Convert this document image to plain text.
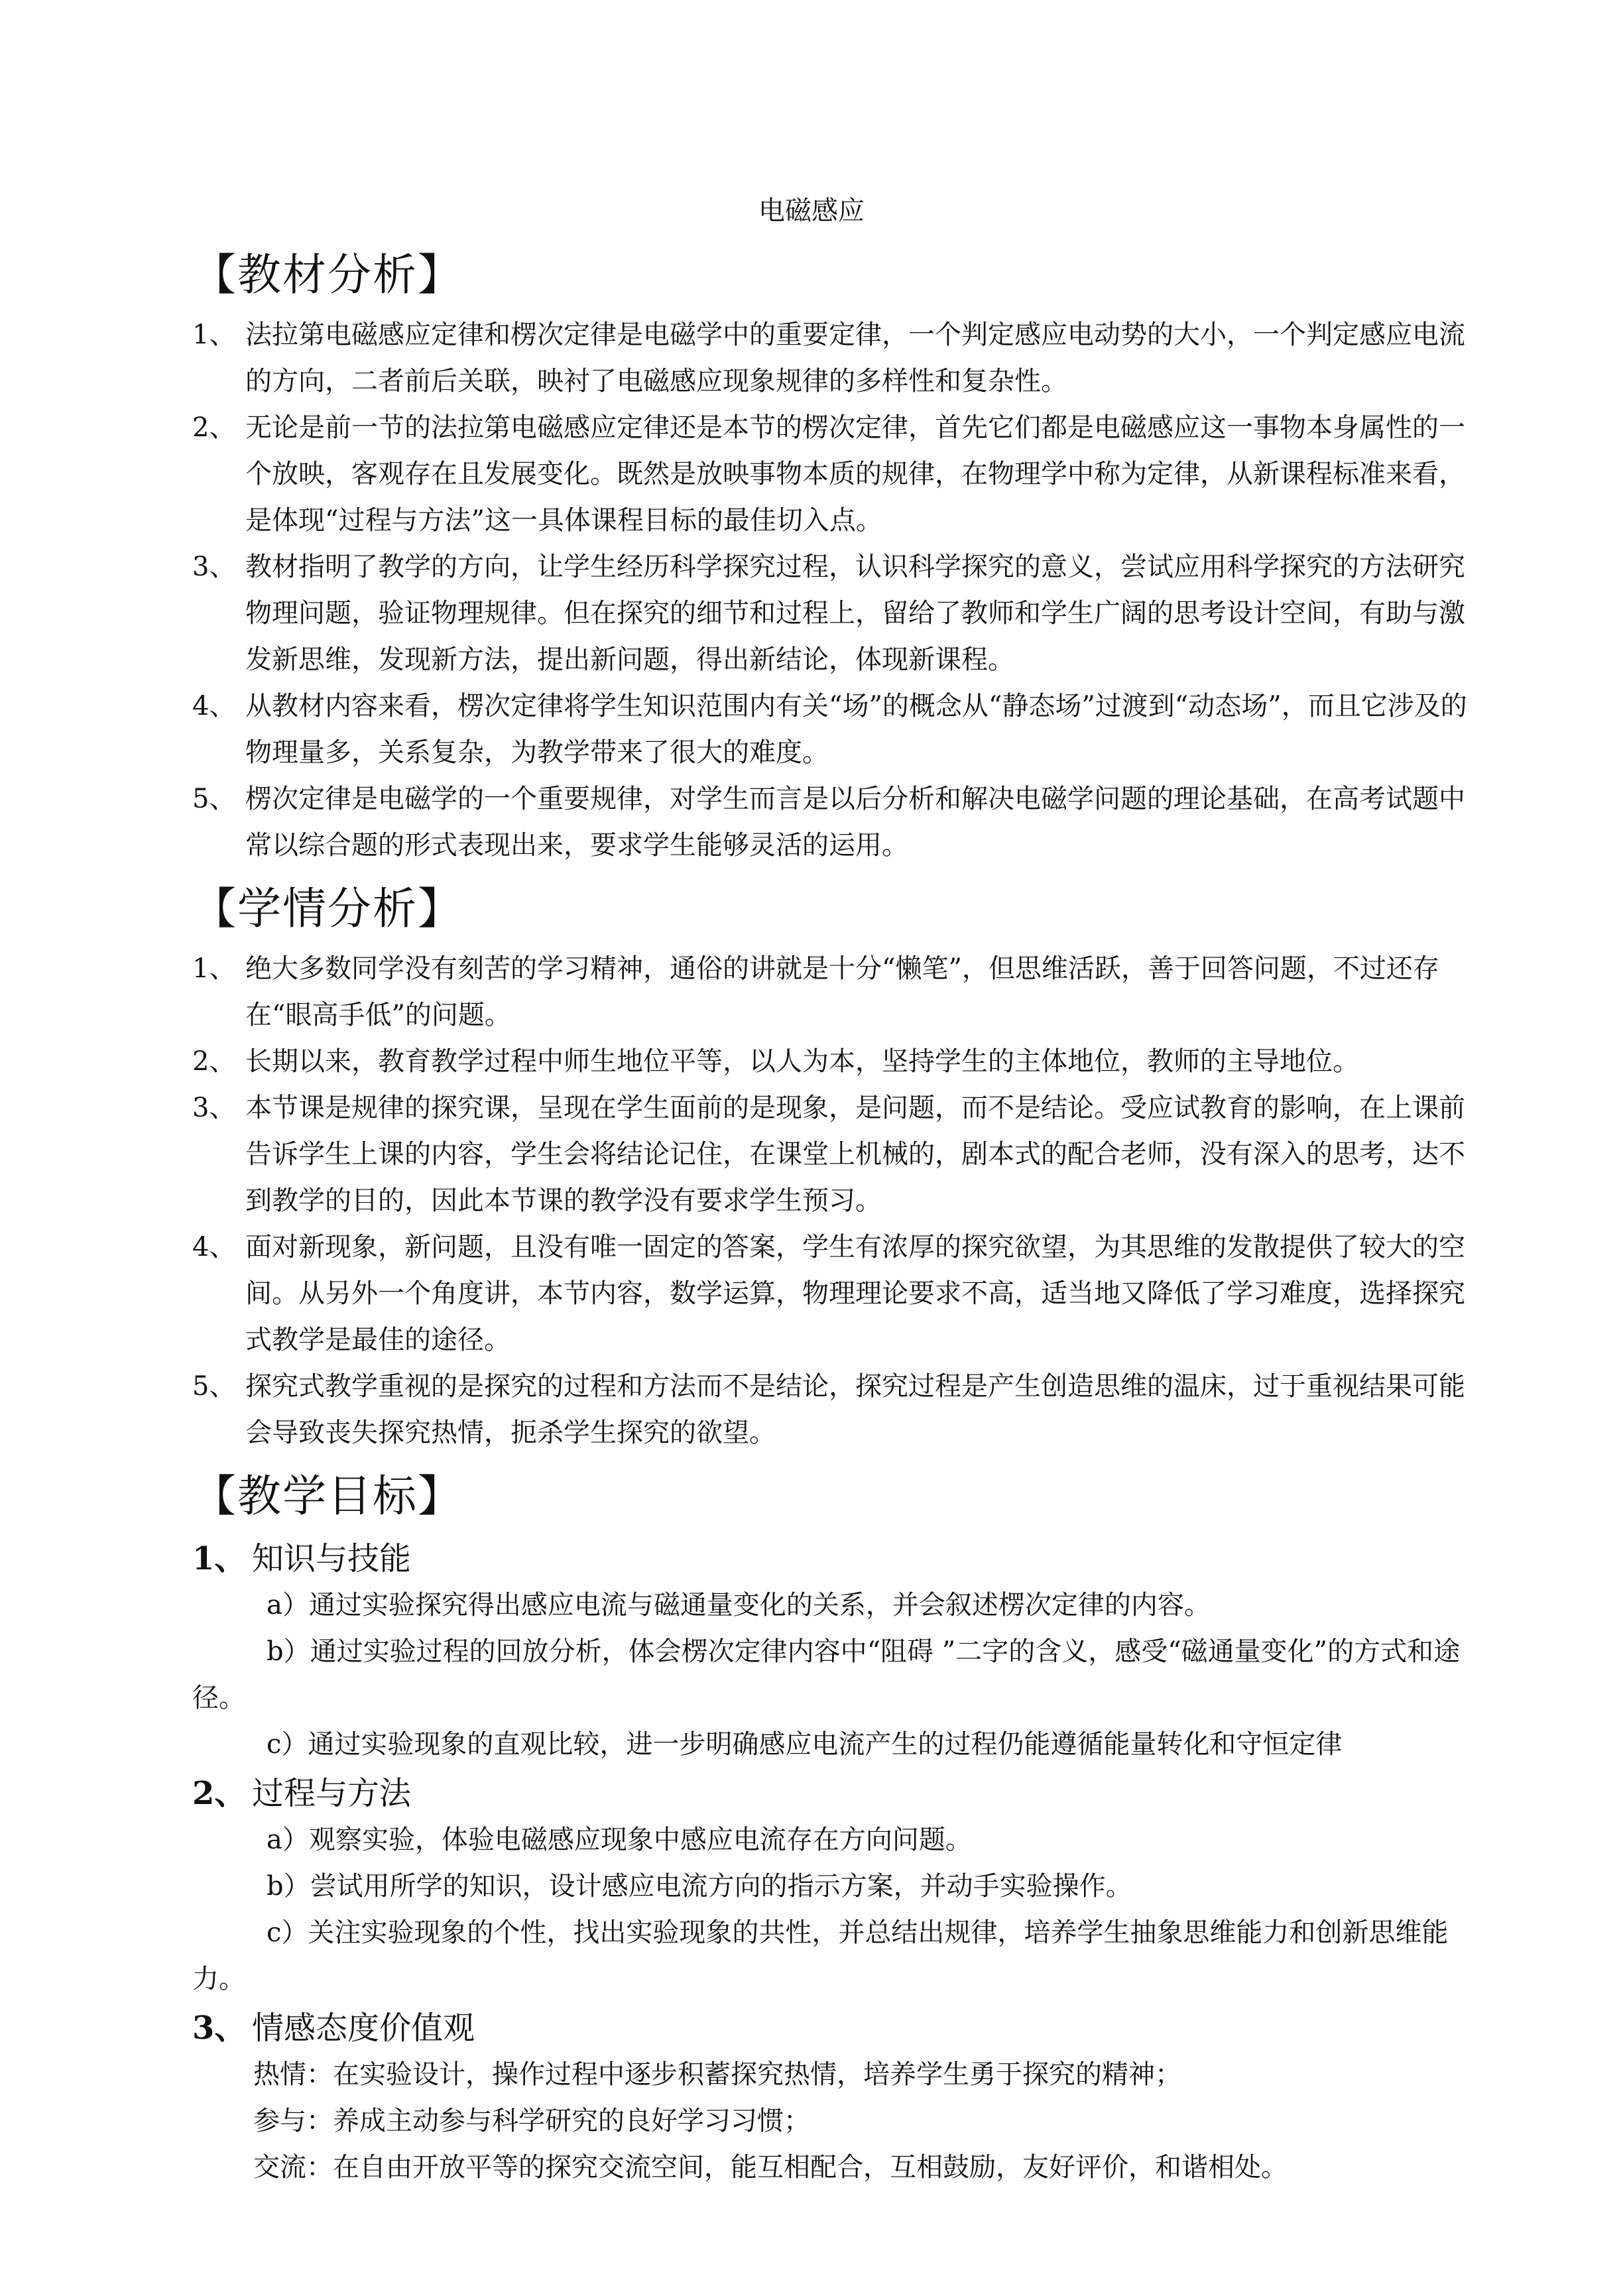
电磁感应
【教材分析】
1、 法拉第电磁感应定律和楞次定律是电磁学中的重要定律，一个判定感应电动势的大小，一个判定感应电流的方向，二者前后关联，映衬了电磁感应现象规律的多样性和复杂性。
2、 无论是前一节的法拉第电磁感应定律还是本节的楞次定律，首先它们都是电磁感应这一事物本身属性的一个放映，客观存在且发展变化。既然是放映事物本质的规律，在物理学中称为定律，从新课程标准来看，是体现“过程与方法”这一具体课程目标的最佳切入点。
3、 教材指明了教学的方向，让学生经历科学探究过程，认识科学探究的意义，尝试应用科学探究的方法研究物理问题，验证物理规律。但在探究的细节和过程上，留给了教师和学生广阔的思考设计空间，有助与激发新思维，发现新方法，提出新问题，得出新结论，体现新课程。
4、 从教材内容来看，楞次定律将学生知识范围内有关“场”的概念从“静态场”过渡到“动态场”，而且它涉及的物理量多，关系复杂，为教学带来了很大的难度。
5、 楞次定律是电磁学的一个重要规律，对学生而言是以后分析和解决电磁学问题的理论基础，在高考试题中常以综合题的形式表现出来，要求学生能够灵活的运用。
【学情分析】
1、 绝大多数同学没有刻苦的学习精神，通俗的讲就是十分“懒笔”，但思维活跃，善于回答问题，不过还存在“眼高手低”的问题。
2、 长期以来，教育教学过程中师生地位平等，以人为本，坚持学生的主体地位，教师的主导地位。
3、 本节课是规律的探究课，呈现在学生面前的是现象，是问题，而不是结论。受应试教育的影响，在上课前告诉学生上课的内容，学生会将结论记住，在课堂上机械的，剧本式的配合老师，没有深入的思考，达不到教学的目的，因此本节课的教学没有要求学生预习。
4、 面对新现象，新问题，且没有唯一固定的答案，学生有浓厚的探究欲望，为其思维的发散提供了较大的空间。从另外一个角度讲，本节内容，数学运算，物理理论要求不高，适当地又降低了学习难度，选择探究式教学是最佳的途径。
5、 探究式教学重视的是探究的过程和方法而不是结论，探究过程是产生创造思维的温床，过于重视结果可能会导致丧失探究热情，扼杀学生探究的欲望。
【教学目标】
1、 知识与技能
a）通过实验探究得出感应电流与磁通量变化的关系，并会叙述楞次定律的内容。
b）通过实验过程的回放分析，体会楞次定律内容中“阻碍 ”二字的含义，感受“磁通量变化”的方式和途径。
c）通过实验现象的直观比较，进一步明确感应电流产生的过程仍能遵循能量转化和守恒定律
2、 过程与方法
a）观察实验，体验电磁感应现象中感应电流存在方向问题。
b）尝试用所学的知识，设计感应电流方向的指示方案，并动手实验操作。
c）关注实验现象的个性，找出实验现象的共性，并总结出规律，培养学生抽象思维能力和创新思维能力。
3、 情感态度价值观
热情：在实验设计，操作过程中逐步积蓄探究热情，培养学生勇于探究的精神；
参与：养成主动参与科学研究的良好学习习惯；
交流：在自由开放平等的探究交流空间，能互相配合，互相鼓励，友好评价，和谐相处。
